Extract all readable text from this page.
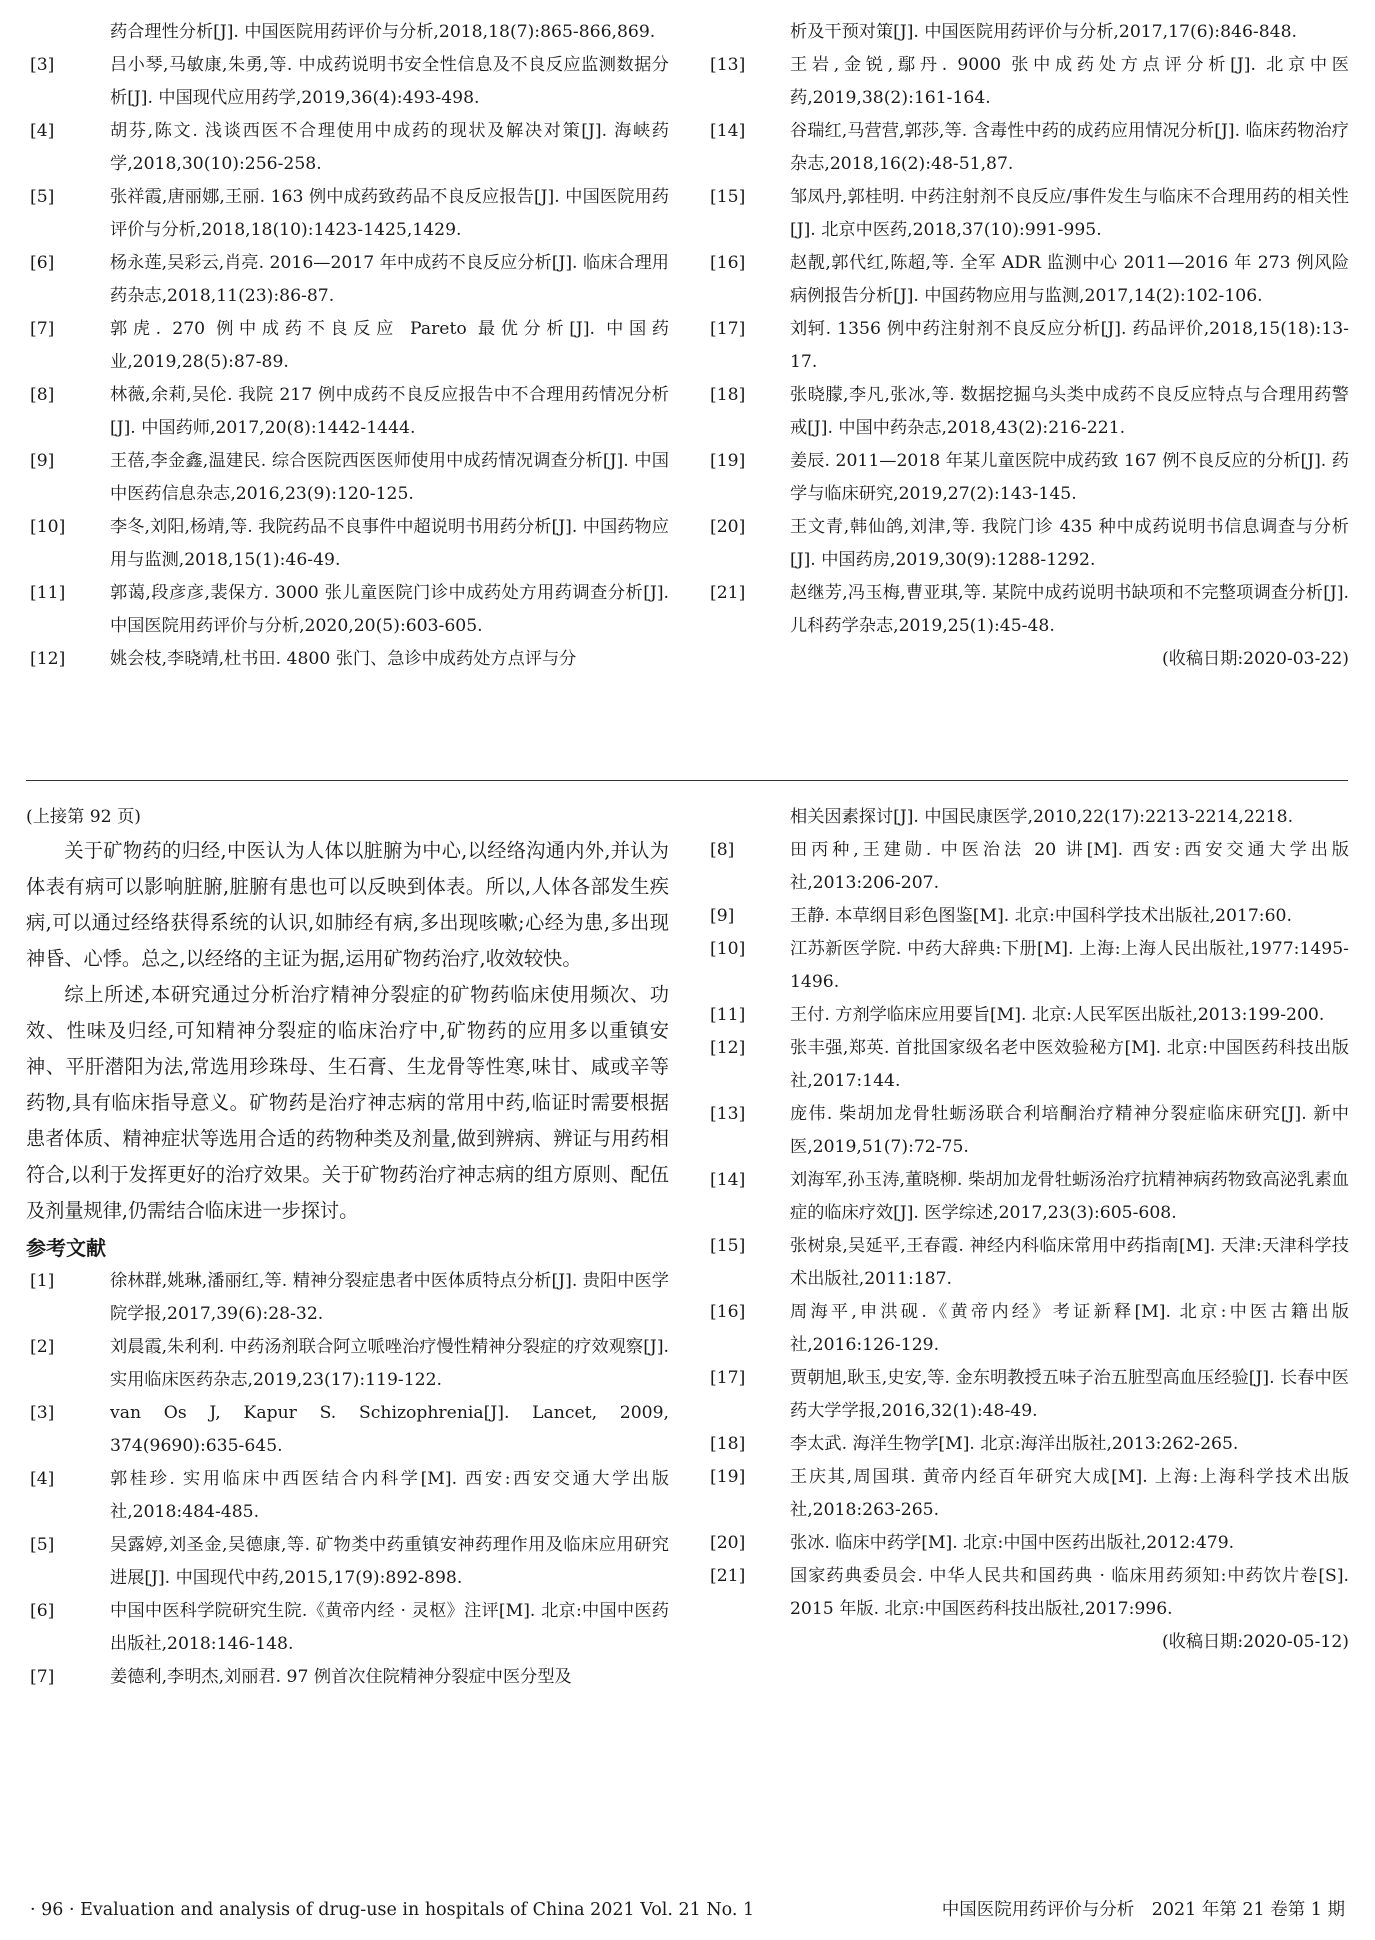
药合理性分析[J]. 中国医院用药评价与分析,2018,18(7):865-866,869.
[3]	吕小琴,马敏康,朱勇,等. 中成药说明书安全性信息及不良反应监测数据分析[J]. 中国现代应用药学,2019,36(4):493-498.
[4]	胡芬,陈文. 浅谈西医不合理使用中成药的现状及解决对策[J]. 海峡药学,2018,30(10):256-258.
[5]	张祥霞,唐丽娜,王丽. 163 例中成药致药品不良反应报告[J]. 中国医院用药评价与分析,2018,18(10):1423-1425,1429.
[6]	杨永莲,吴彩云,肖亮. 2016—2017 年中成药不良反应分析[J]. 临床合理用药杂志,2018,11(23):86-87.
[7]	郭虎. 270 例中成药不良反应 Pareto 最优分析[J]. 中国药业,2019,28(5):87-89.
[8]	林薇,余莉,吴伦. 我院 217 例中成药不良反应报告中不合理用药情况分析[J]. 中国药师,2017,20(8):1442-1444.
[9]	王蓓,李金鑫,温建民. 综合医院西医医师使用中成药情况调查分析[J]. 中国中医药信息杂志,2016,23(9):120-125.
[10]	李冬,刘阳,杨靖,等. 我院药品不良事件中超说明书用药分析[J]. 中国药物应用与监测,2018,15(1):46-49.
[11]	郭蔼,段彦彦,裴保方. 3000 张儿童医院门诊中成药处方用药调查分析[J]. 中国医院用药评价与分析,2020,20(5):603-605.
[12]	姚会枝,李晓靖,杜书田. 4800 张门、急诊中成药处方点评与分
析及干预对策[J]. 中国医院用药评价与分析,2017,17(6):846-848.
[13]	王岩,金锐,鄢丹. 9000 张中成药处方点评分析[J]. 北京中医药,2019,38(2):161-164.
[14]	谷瑞红,马营营,郭莎,等. 含毒性中药的成药应用情况分析[J]. 临床药物治疗杂志,2018,16(2):48-51,87.
[15]	邹凤丹,郭桂明. 中药注射剂不良反应/事件发生与临床不合理用药的相关性[J]. 北京中医药,2018,37(10):991-995.
[16]	赵靓,郭代红,陈超,等. 全军 ADR 监测中心 2011—2016 年 273 例风险病例报告分析[J]. 中国药物应用与监测,2017,14(2):102-106.
[17]	刘轲. 1356 例中药注射剂不良反应分析[J]. 药品评价,2018,15(18):13-17.
[18]	张晓朦,李凡,张冰,等. 数据挖掘乌头类中成药不良反应特点与合理用药警戒[J]. 中国中药杂志,2018,43(2):216-221.
[19]	姜辰. 2011—2018 年某儿童医院中成药致 167 例不良反应的分析[J]. 药学与临床研究,2019,27(2):143-145.
[20]	王文青,韩仙鸽,刘津,等. 我院门诊 435 种中成药说明书信息调查与分析[J]. 中国药房,2019,30(9):1288-1292.
[21]	赵继芳,冯玉梅,曹亚琪,等. 某院中成药说明书缺项和不完整项调查分析[J]. 儿科药学杂志,2019,25(1):45-48.
(收稿日期:2020-03-22)
(上接第 92 页)

关于矿物药的归经,中医认为人体以脏腑为中心,以经络沟通内外,并认为体表有病可以影响脏腑,脏腑有患也可以反映到体表。所以,人体各部发生疾病,可以通过经络获得系统的认识,如肺经有病,多出现咳嗽;心经为患,多出现神昏、心悸。总之,以经络的主证为据,运用矿物药治疗,收效较快。

综上所述,本研究通过分析治疗精神分裂症的矿物药临床使用频次、功效、性味及归经,可知精神分裂症的临床治疗中,矿物药的应用多以重镇安神、平肝潜阳为法,常选用珍珠母、生石膏、生龙骨等性寒,味甘、咸或辛等药物,具有临床指导意义。矿物药是治疗神志病的常用中药,临证时需要根据患者体质、精神症状等选用合适的药物种类及剂量,做到辨病、辨证与用药相符合,以利于发挥更好的治疗效果。关于矿物药治疗神志病的组方原则、配伍及剂量规律,仍需结合临床进一步探讨。

参考文献
[1]	徐林群,姚琳,潘丽红,等. 精神分裂症患者中医体质特点分析[J]. 贵阳中医学院学报,2017,39(6):28-32.
[2]	刘晨霞,朱利利. 中药汤剂联合阿立哌唑治疗慢性精神分裂症的疗效观察[J]. 实用临床医药杂志,2019,23(17):119-122.
[3]	van Os J, Kapur S. Schizophrenia[J]. Lancet, 2009, 374(9690):635-645.
[4]	郭桂珍. 实用临床中西医结合内科学[M]. 西安:西安交通大学出版社,2018:484-485.
[5]	吴露婷,刘圣金,吴德康,等. 矿物类中药重镇安神药理作用及临床应用研究进展[J]. 中国现代中药,2015,17(9):892-898.
[6]	中国中医科学院研究生院.《黄帝内经 · 灵枢》注评[M]. 北京:中国中医药出版社,2018:146-148.
[7]	姜德利,李明杰,刘丽君. 97 例首次住院精神分裂症中医分型及
相关因素探讨[J]. 中国民康医学,2010,22(17):2213-2214,2218.
[8]	田丙种,王建勋. 中医治法 20 讲[M]. 西安:西安交通大学出版社,2013:206-207.
[9]	王静. 本草纲目彩色图鉴[M]. 北京:中国科学技术出版社,2017:60.
[10]	江苏新医学院. 中药大辞典:下册[M]. 上海:上海人民出版社,1977:1495-1496.
[11]	王付. 方剂学临床应用要旨[M]. 北京:人民军医出版社,2013:199-200.
[12]	张丰强,郑英. 首批国家级名老中医效验秘方[M]. 北京:中国医药科技出版社,2017:144.
[13]	庞伟. 柴胡加龙骨牡蛎汤联合利培酮治疗精神分裂症临床研究[J]. 新中医,2019,51(7):72-75.
[14]	刘海军,孙玉涛,董晓柳. 柴胡加龙骨牡蛎汤治疗抗精神病药物致高泌乳素血症的临床疗效[J]. 医学综述,2017,23(3):605-608.
[15]	张树泉,吴延平,王春霞. 神经内科临床常用中药指南[M]. 天津:天津科学技术出版社,2011:187.
[16]	周海平,申洪砚.《黄帝内经》考证新释[M]. 北京:中医古籍出版社,2016:126-129.
[17]	贾朝旭,耿玉,史安,等. 金东明教授五味子治五脏型高血压经验[J]. 长春中医药大学学报,2016,32(1):48-49.
[18]	李太武. 海洋生物学[M]. 北京:海洋出版社,2013:262-265.
[19]	王庆其,周国琪. 黄帝内经百年研究大成[M]. 上海:上海科学技术出版社,2018:263-265.
[20]	张冰. 临床中药学[M]. 北京:中国中医药出版社,2012:479.
[21]	国家药典委员会. 中华人民共和国药典 · 临床用药须知:中药饮片卷[S]. 2015 年版. 北京:中国医药科技出版社,2017:996.
(收稿日期:2020-05-12)
· 96 · Evaluation and analysis of drug-use in hospitals of China 2021 Vol. 21 No. 1	中国医院用药评价与分析　2021 年第 21 卷第 1 期
